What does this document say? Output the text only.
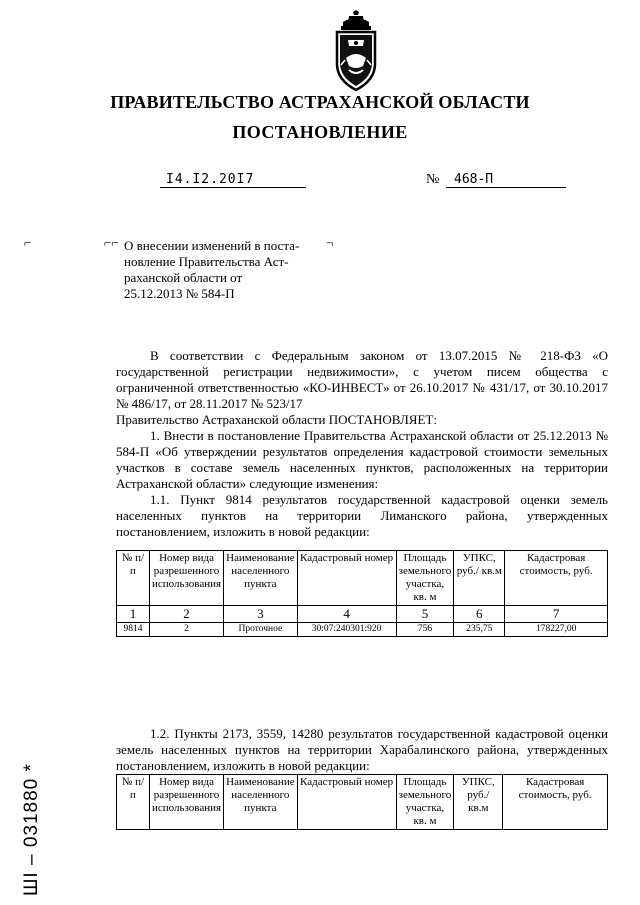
ПРАВИТЕЛЬСТВО АСТРАХАНСКОЙ ОБЛАСТИ
ПОСТАНОВЛЕНИЕ
I4.I2.20I7	№	468-П
⌐	⌐⌐	¬
О внесении изменений в поста-
новление Правительства Аст-
раханской области от
25.12.2013 № 584-П

В соответствии с Федеральным законом от 13.07.2015 № 218-ФЗ «О государственной регистрации недвижимости», с учетом писем общества с ограниченной ответственностью «КО-ИНВЕСТ» от 26.10.2017 № 431/17, от 30.10.2017 № 486/17, от 28.11.2017 № 523/17

Правительство Астраханской области ПОСТАНОВЛЯЕТ:

1. Внести в постановление Правительства Астраханской области от 25.12.2013 № 584-П «Об утверждении результатов определения кадастровой стоимости земельных участков в составе земель населенных пунктов, расположенных на территории Астраханской области» следующие изменения:

1.1. Пункт 9814 результатов государственной кадастровой оценки земель населенных пунктов на территории Лиманского района, утвержденных постановлением, изложить в новой редакции:

№ п/п	Номер вида разрешенного использования	Наименование населенного пункта	Кадастровый номер	Площадь земельного участка, кв. м	УПКС, руб./ кв.м	Кадастровая стоимость, руб.
1	2	3	4	5	6	7
9814	2	Проточное	30:07:240301:920	756	235,75	178227,00

1.2. Пункты 2173, 3559, 14280 результатов государственной кадастровой оценки земель населенных пунктов на территории Харабалинского района, утвержденных постановлением, изложить в новой редакции:

№ п/п	Номер вида разрешенного использования	Наименование населенного пункта	Кадастровый номер	Площадь земельного участка, кв. м	УПКС, руб./ кв.м	Кадастровая стоимость, руб.
ШI – 031880 *
